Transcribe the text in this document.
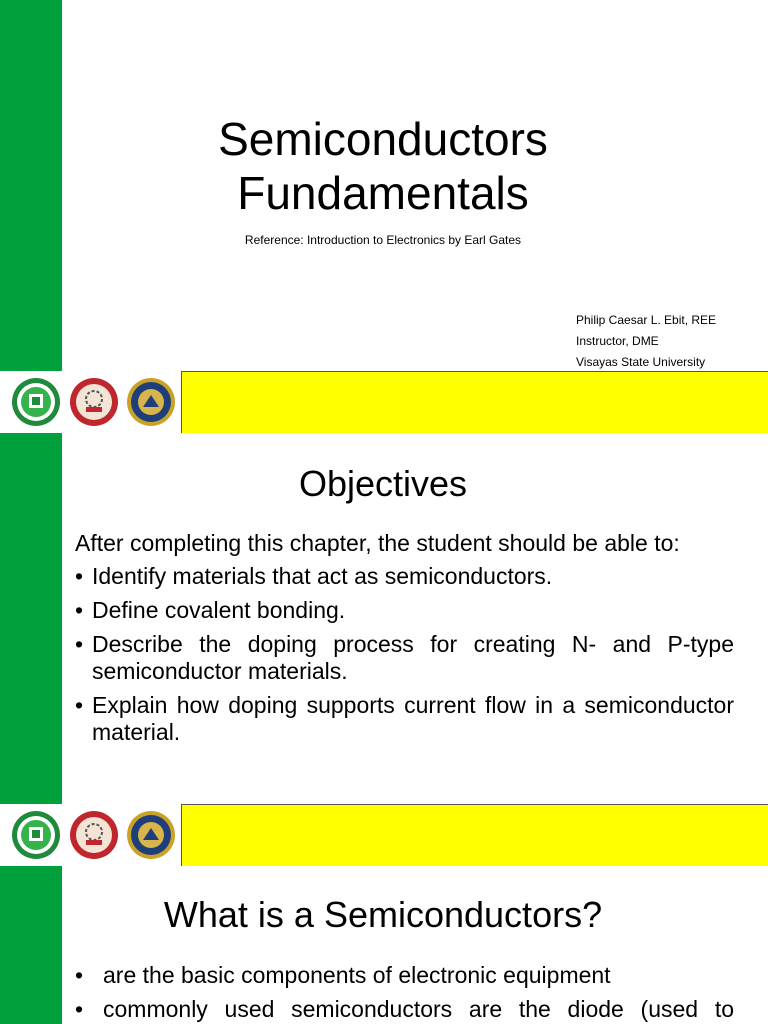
Semiconductors
Fundamentals
Reference: Introduction to Electronics by Earl Gates
Philip Caesar L. Ebit, REE
Instructor, DME
Visayas State University
Objectives
After completing this chapter, the student should be able to:
• Identify materials that act as semiconductors.
• Define covalent bonding.
• Describe the doping process for creating N- and P-type semiconductor materials.
• Explain how doping supports current flow in a semiconductor material.
What is a Semiconductors?
• are the basic components of electronic equipment
• commonly used semiconductors are the diode (used to
